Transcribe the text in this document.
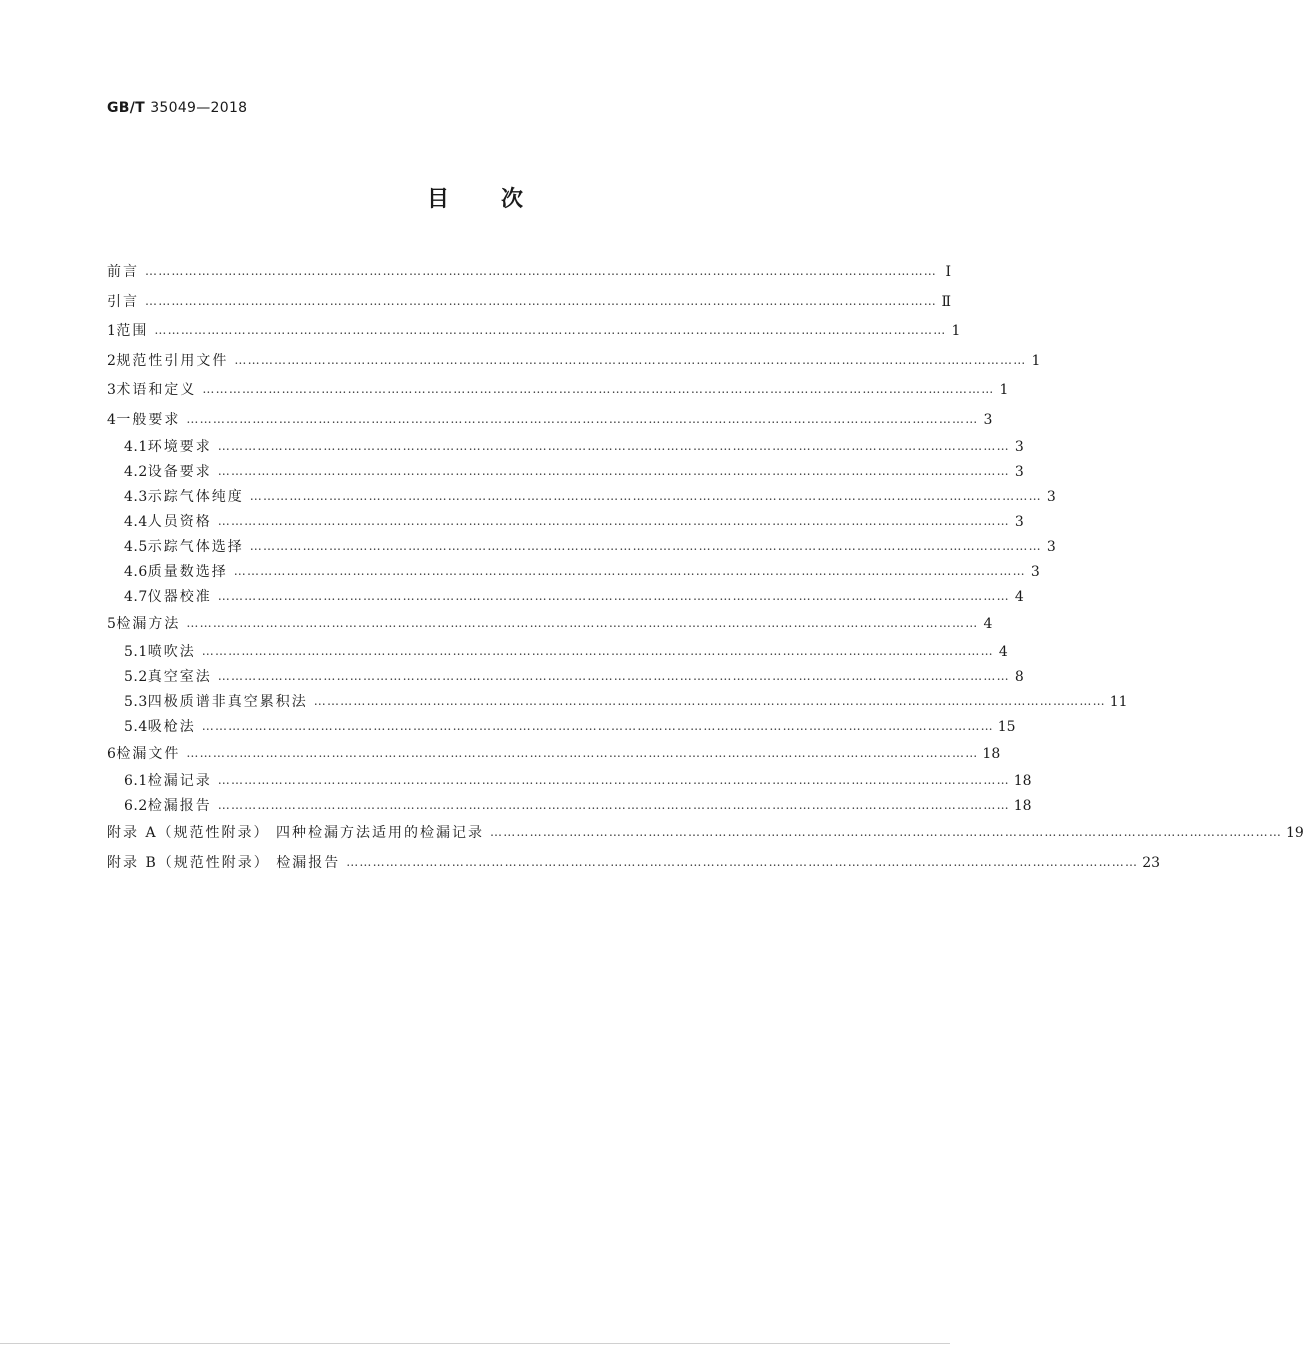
GB/T 35049—2018
目 次
前言 ……………………………………………………………………………………………………………………………………………………………… Ⅰ
引言 ……………………………………………………………………………………………………………………………………………………………… Ⅱ
1 范围 ……………………………………………………………………………………………………………………………………………………………… 1
2 规范性引用文件 ……………………………………………………………………………………………………………………………………………………………… 1
3 术语和定义 ……………………………………………………………………………………………………………………………………………………………… 1
4 一般要求 ……………………………………………………………………………………………………………………………………………………………… 3
4.1 环境要求 ……………………………………………………………………………………………………………………………………………………………… 3
4.2 设备要求 ……………………………………………………………………………………………………………………………………………………………… 3
4.3 示踪气体纯度 ……………………………………………………………………………………………………………………………………………………………… 3
4.4 人员资格 ……………………………………………………………………………………………………………………………………………………………… 3
4.5 示踪气体选择 ……………………………………………………………………………………………………………………………………………………………… 3
4.6 质量数选择 ……………………………………………………………………………………………………………………………………………………………… 3
4.7 仪器校准 ……………………………………………………………………………………………………………………………………………………………… 4
5 检漏方法 ……………………………………………………………………………………………………………………………………………………………… 4
5.1 喷吹法 ……………………………………………………………………………………………………………………………………………………………… 4
5.2 真空室法 ……………………………………………………………………………………………………………………………………………………………… 8
5.3 四极质谱非真空累积法 ……………………………………………………………………………………………………………………………………………………………… 11
5.4 吸枪法 ……………………………………………………………………………………………………………………………………………………………… 15
6 检漏文件 ……………………………………………………………………………………………………………………………………………………………… 18
6.1 检漏记录 ……………………………………………………………………………………………………………………………………………………………… 18
6.2 检漏报告 ……………………………………………………………………………………………………………………………………………………………… 18
附录 A（规范性附录） 四种检漏方法适用的检漏记录 ……………………………………………………………………………………………………………………………………………………………… 19
附录 B（规范性附录） 检漏报告 ……………………………………………………………………………………………………………………………………………………………… 23
